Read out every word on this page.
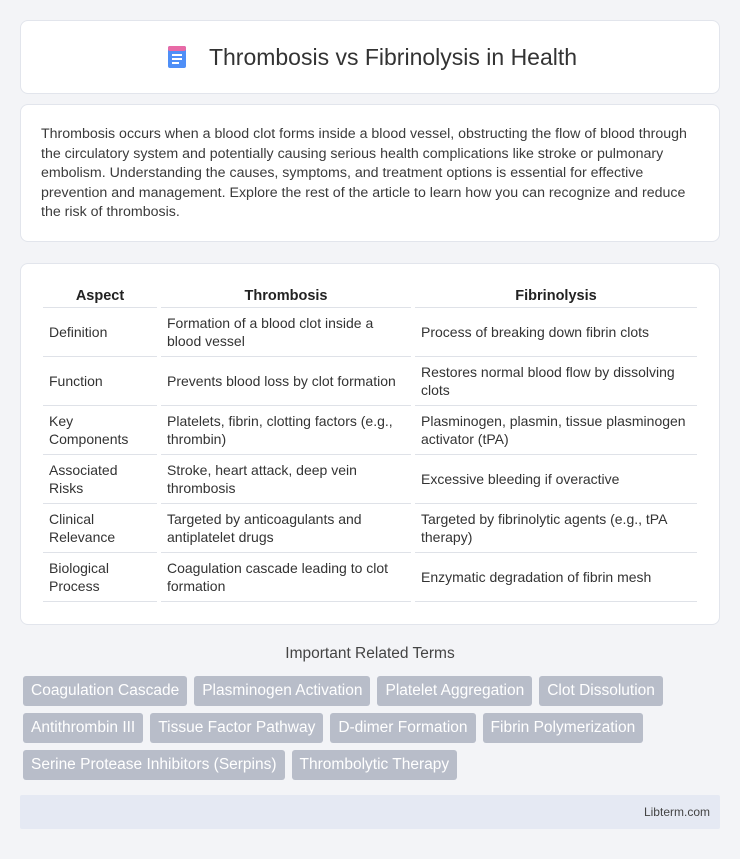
Thrombosis vs Fibrinolysis in Health

Thrombosis occurs when a blood clot forms inside a blood vessel, obstructing the flow of blood through the circulatory system and potentially causing serious health complications like stroke or pulmonary embolism. Understanding the causes, symptoms, and treatment options is essential for effective prevention and management. Explore the rest of the article to learn how you can recognize and reduce the risk of thrombosis.

Aspect	Thrombosis	Fibrinolysis
Definition	Formation of a blood clot inside a blood vessel	Process of breaking down fibrin clots
Function	Prevents blood loss by clot formation	Restores normal blood flow by dissolving clots
Key Components	Platelets, fibrin, clotting factors (e.g., thrombin)	Plasminogen, plasmin, tissue plasminogen activator (tPA)
Associated Risks	Stroke, heart attack, deep vein thrombosis	Excessive bleeding if overactive
Clinical Relevance	Targeted by anticoagulants and antiplatelet drugs	Targeted by fibrinolytic agents (e.g., tPA therapy)
Biological Process	Coagulation cascade leading to clot formation	Enzymatic degradation of fibrin mesh
Important Related Terms
Coagulation Cascade	Plasminogen Activation	Platelet Aggregation	Clot Dissolution
Antithrombin III	Tissue Factor Pathway	D-dimer Formation	Fibrin Polymerization
Serine Protease Inhibitors (Serpins)	Thrombolytic Therapy
Libterm.com
